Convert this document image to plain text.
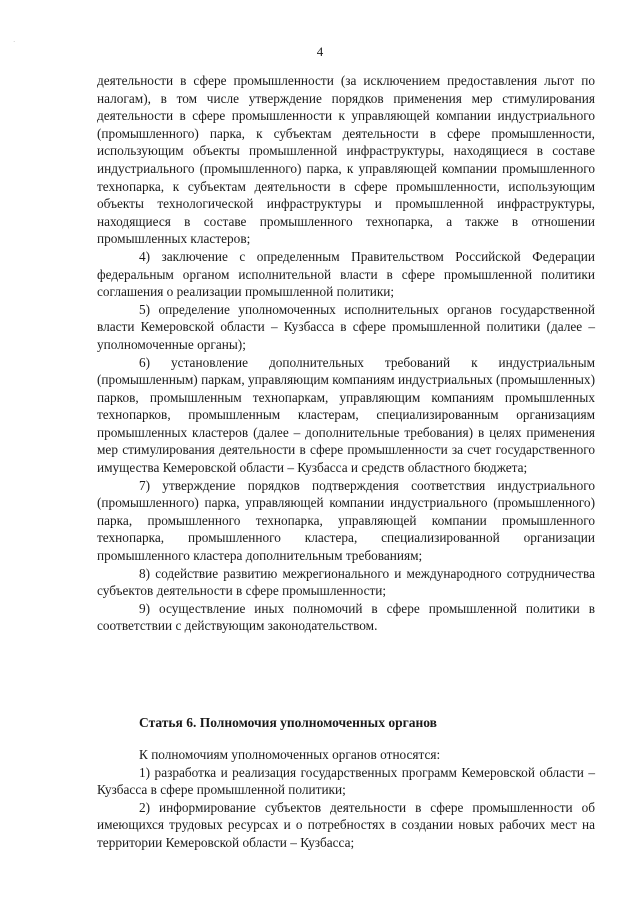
·
4

деятельности в сфере промышленности (за исключением предоставления льгот по налогам), в том числе утверждение порядков применения мер стимулирования деятельности в сфере промышленности к управляющей компании индустриального (промышленного) парка, к субъектам деятельности в сфере промышленности, использующим объекты промышленной инфраструктуры, находящиеся в составе индустриального (промышленного) парка, к управляющей компании промышленного технопарка, к субъектам деятельности в сфере промышленности, использующим объекты технологической инфраструктуры и промышленной инфраструктуры, находящиеся в составе промышленного технопарка, а также в отношении промышленных кластеров;

4) заключение с определенным Правительством Российской Федерации федеральным органом исполнительной власти в сфере промышленной политики соглашения о реализации промышленной политики;

5) определение уполномоченных исполнительных органов государственной власти Кемеровской области – Кузбасса в сфере промышленной политики (далее – уполномоченные органы);

6) установление дополнительных требований к индустриальным (промышленным) паркам, управляющим компаниям индустриальных (промышленных) парков, промышленным технопаркам, управляющим компаниям промышленных технопарков, промышленным кластерам, специализированным организациям промышленных кластеров (далее – дополнительные требования) в целях применения мер стимулирования деятельности в сфере промышленности за счет государственного имущества Кемеровской области – Кузбасса и средств областного бюджета;

7) утверждение порядков подтверждения соответствия индустриального (промышленного) парка, управляющей компании индустриального (промышленного) парка, промышленного технопарка, управляющей компании промышленного технопарка, промышленного кластера, специализированной организации промышленного кластера дополнительным требованиям;

8) содействие развитию межрегионального и международного сотрудничества субъектов деятельности в сфере промышленности;

9) осуществление иных полномочий в сфере промышленной политики в соответствии с действующим законодательством.

Статья 6. Полномочия уполномоченных органов

К полномочиям уполномоченных органов относятся:

1) разработка и реализация государственных программ Кемеровской области – Кузбасса в сфере промышленной политики;

2) информирование субъектов деятельности в сфере промышленности об имеющихся трудовых ресурсах и о потребностях в создании новых рабочих мест на территории Кемеровской области – Кузбасса;
